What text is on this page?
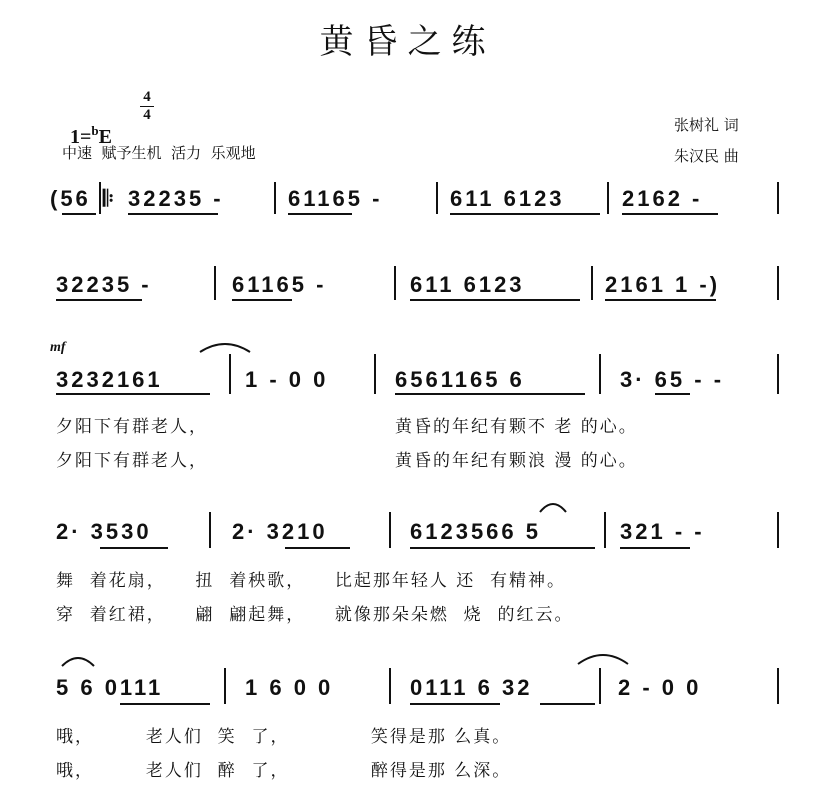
黄昏之练

1=$^b$E

4
4
中速  赋予生机  活力  乐观地
张树礼 词
朱汉民 曲
(56 𝄆 32235 -	61165 -	611 6123	2162 -
32235 -	61165 -	611 6123	2161 1 -)
mf
3232161	1 - 0 0	6561165 6	3· 65 - -
夕阳下有群老人，	黄昏的年纪有颗不 老 的心。
夕阳下有群老人，	黄昏的年纪有颗浪 漫 的心。
2· 3530	2· 3210	6123566 5	321 - -
舞  着花扇，    扭  着秧歌，    比起那年轻人 还  有精神。
穿  着红裙，    翩  翩起舞，    就像那朵朵燃  烧  的红云。
5 6 0111	1 6 0 0	0111 6 32	2 - 0 0
哦，       老人们  笑  了，           笑得是那 么真。
哦，       老人们  醉  了，           醉得是那 么深。
